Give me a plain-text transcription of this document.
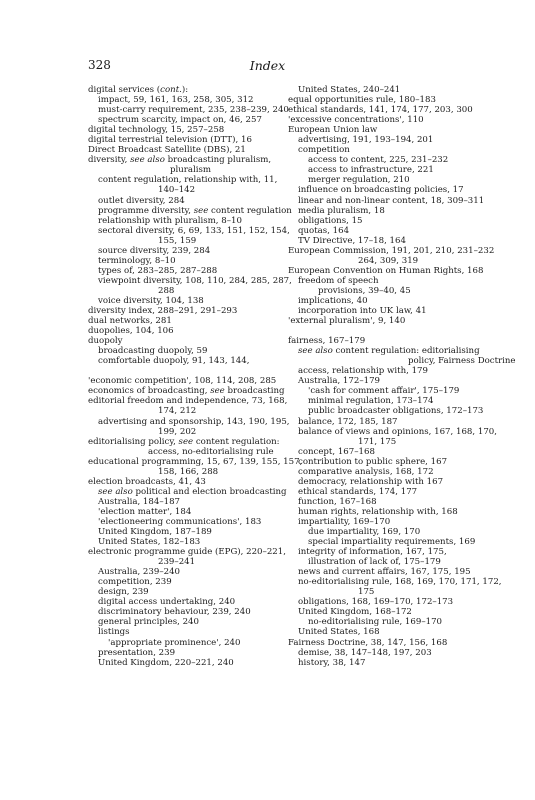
328	Index
digital services (cont.):
impact, 59, 161, 163, 258, 305, 312
must-carry requirement, 235, 238–239, 240
spectrum scarcity, impact on, 46, 257
digital technology, 15, 257–258
digital terrestrial television (DTT), 16
Direct Broadcast Satellite (DBS), 21
diversity, see also broadcasting pluralism,
pluralism
content regulation, relationship with, 11,
140–142
outlet diversity, 284
programme diversity, see content regulation
relationship with pluralism, 8–10
sectoral diversity, 6, 69, 133, 151, 152, 154,
155, 159
source diversity, 239, 284
terminology, 8–10
types of, 283–285, 287–288
viewpoint diversity, 108, 110, 284, 285, 287,
288
voice diversity, 104, 138
diversity index, 288–291, 291–293
dual networks, 281
duopolies, 104, 106
duopoly
broadcasting duopoly, 59
comfortable duopoly, 91, 143, 144,
'economic competition', 108, 114, 208, 285
economics of broadcasting, see broadcasting
editorial freedom and independence, 73, 168,
174, 212
advertising and sponsorship, 143, 190, 195,
199, 202
editorialising policy, see content regulation:
access, no-editorialising rule
educational programming, 15, 67, 139, 155, 157,
158, 166, 288
election broadcasts, 41, 43
see also political and election broadcasting
Australia, 184–187
'election matter', 184
'electioneering communications', 183
United Kingdom, 187–189
United States, 182–183
electronic programme guide (EPG), 220–221,
239–241
Australia, 239–240
competition, 239
design, 239
digital access undertaking, 240
discriminatory behaviour, 239, 240
general principles, 240
listings
'appropriate prominence', 240
presentation, 239
United Kingdom, 220–221, 240
United States, 240–241
equal opportunities rule, 180–183
ethical standards, 141, 174, 177, 203, 300
'excessive concentrations', 110
European Union law
advertising, 191, 193–194, 201
competition
access to content, 225, 231–232
access to infrastructure, 221
merger regulation, 210
influence on broadcasting policies, 17
linear and non-linear content, 18, 309–311
media pluralism, 18
obligations, 15
quotas, 164
TV Directive, 17–18, 164
European Commission, 191, 201, 210, 231–232
264, 309, 319
European Convention on Human Rights, 168
freedom of speech
provisions, 39–40, 45
implications, 40
incorporation into UK law, 41
'external pluralism', 9, 140
fairness, 167–179
see also content regulation: editorialising
policy, Fairness Doctrine
access, relationship with, 179
Australia, 172–179
'cash for comment affair', 175–179
minimal regulation, 173–174
public broadcaster obligations, 172–173
balance, 172, 185, 187
balance of views and opinions, 167, 168, 170,
171, 175
concept, 167–168
contribution to public sphere, 167
comparative analysis, 168, 172
democracy, relationship with 167
ethical standards, 174, 177
function, 167–168
human rights, relationship with, 168
impartiality, 169–170
due impartiality, 169, 170
special impartiality requirements, 169
integrity of information, 167, 175,
illustration of lack of, 175–179
news and current affairs, 167, 175, 195
no-editorialising rule, 168, 169, 170, 171, 172,
175
obligations, 168, 169–170, 172–173
United Kingdom, 168–172
no-editorialising rule, 169–170
United States, 168
Fairness Doctrine, 38, 147, 156, 168
demise, 38, 147–148, 197, 203
history, 38, 147
